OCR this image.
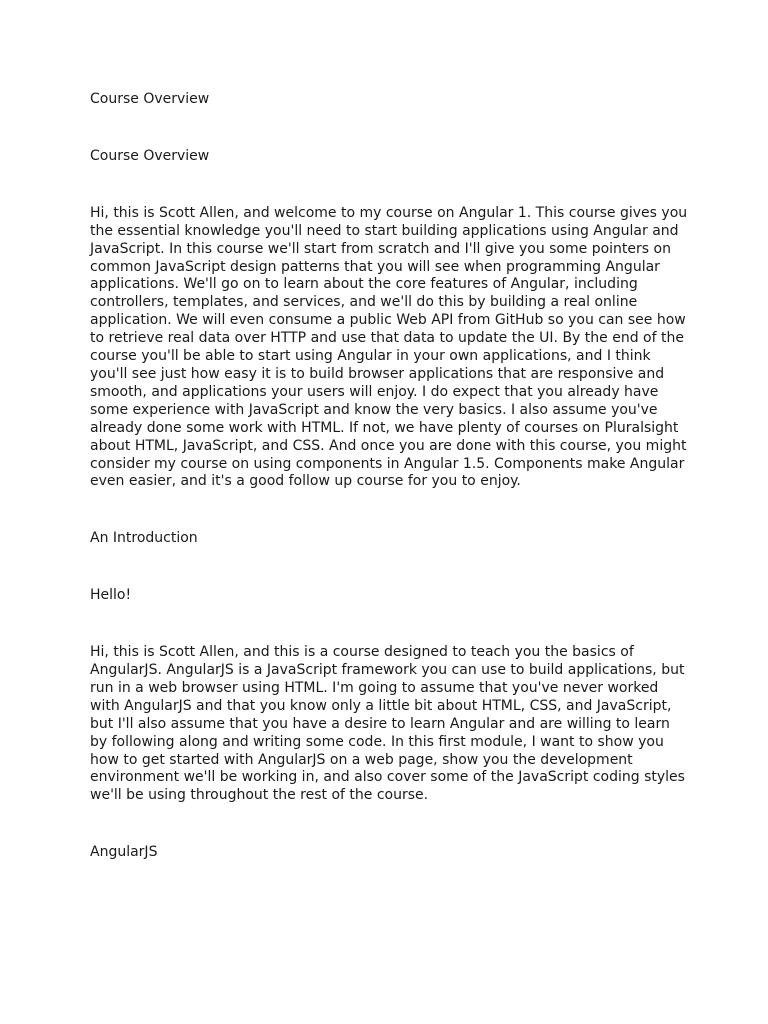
Course Overview

Course Overview

Hi, this is Scott Allen, and welcome to my course on Angular 1. This course gives you the essential knowledge you'll need to start building applications using Angular and JavaScript. In this course we'll start from scratch and I'll give you some pointers on common JavaScript design patterns that you will see when programming Angular applications. We'll go on to learn about the core features of Angular, including controllers, templates, and services, and we'll do this by building a real online application. We will even consume a public Web API from GitHub so you can see how to retrieve real data over HTTP and use that data to update the UI. By the end of the course you'll be able to start using Angular in your own applications, and I think you'll see just how easy it is to build browser applications that are responsive and smooth, and applications your users will enjoy. I do expect that you already have some experience with JavaScript and know the very basics. I also assume you've already done some work with HTML. If not, we have plenty of courses on Pluralsight about HTML, JavaScript, and CSS. And once you are done with this course, you might consider my course on using components in Angular 1.5. Components make Angular even easier, and it's a good follow up course for you to enjoy.

An Introduction

Hello!

Hi, this is Scott Allen, and this is a course designed to teach you the basics of AngularJS. AngularJS is a JavaScript framework you can use to build applications, but run in a web browser using HTML. I'm going to assume that you've never worked with AngularJS and that you know only a little bit about HTML, CSS, and JavaScript, but I'll also assume that you have a desire to learn Angular and are willing to learn by following along and writing some code. In this first module, I want to show you how to get started with AngularJS on a web page, show you the development environment we'll be working in, and also cover some of the JavaScript coding styles we'll be using throughout the rest of the course.

AngularJS
